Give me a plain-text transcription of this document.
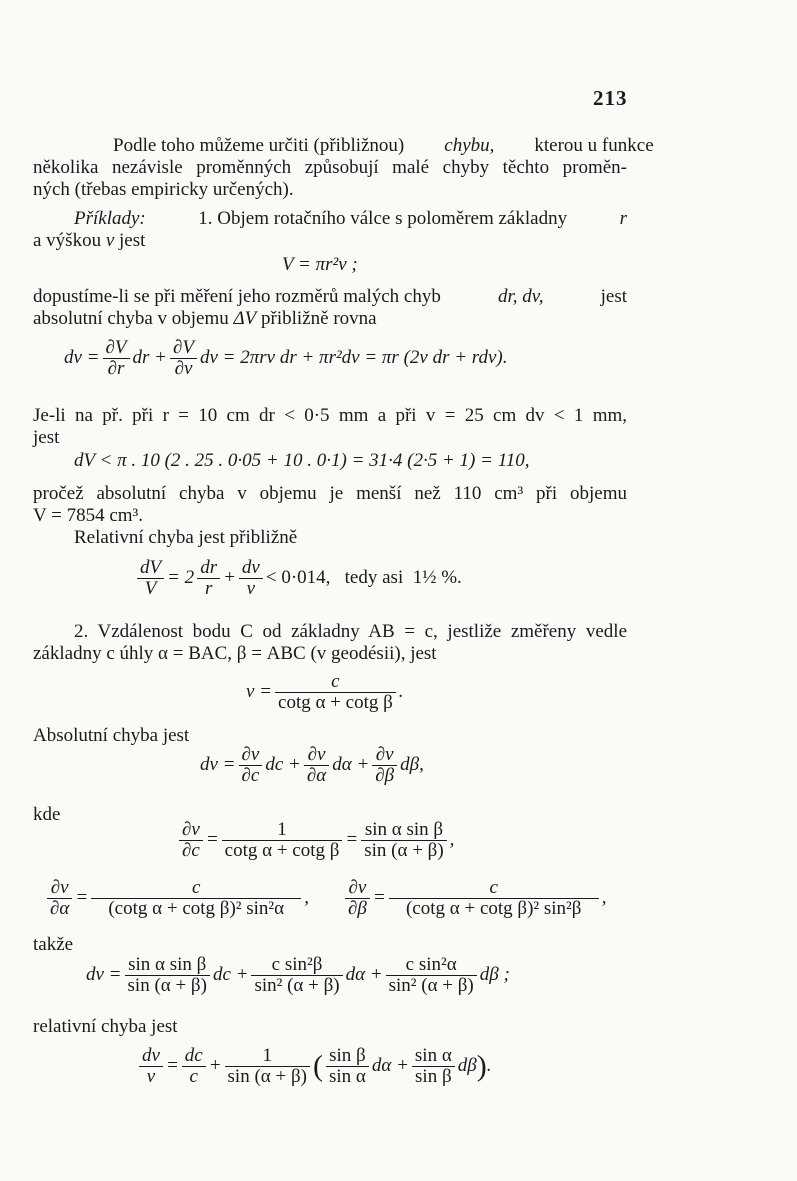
213
Podle toho můžeme určiti (přibližnou)	chybu,	kterou u funkce
několika nezávisle proměnných způsobují malé chyby těchto proměn-
ných (třebas empiricky určených).
Příklady:	1. Objem rotačního válce s poloměrem základny	r
a výškou v jest
V = πr²v ;
dopustíme-li se při měření jeho rozměrů malých chyb	dr, dv,	jest
absolutní chyba v objemu ΔV přibližně rovna
dv = $\frac{\partial V}{\partial r}$ dr + $\frac{\partial V}{\partial v}$ dv = 2πrv dr + πr²dv = πr (2v dr + rdv).
Je-li na př. při r = 10 cm dr < 0·5 mm a při v = 25 cm dv < 1 mm,
jest
dV < π . 10 (2 . 25 . 0·05 + 10 . 0·1) = 31·4 (2·5 + 1) = 110,
pročež absolutní chyba v objemu je menší než 110 cm³ při objemu
V = 7854 cm³.
Relativní chyba jest přibližně
$\frac{dV}{V} = 2 \frac{dr}{r} + \frac{dv}{v} < 0\cdot 014$, tedy asi 1½ %.
2. Vzdálenost bodu C od základny AB = c, jestliže změřeny vedle
základny c úhly α = BAC, β = ABC (v geodésii), jest
$v = \frac{c}{\text{cotg α + cotg β}}$ .
Absolutní chyba jest
dv = $\frac{\partial v}{\partial c}$ dc + $\frac{\partial v}{\partial\alpha}$ $d\alpha + \frac{\partial v}{\partial\beta} d\beta$,
kde
$\frac{\partial v}{\partial c} = \frac{1}{\text{cotg α + cotg β}} = \frac{\text{sin α sin β}}{\sin (\alpha + \beta)}$ ,
$\frac{\partial v}{\partial\alpha} = \frac{c}{\text{(cotg α + cotg β)² sin²α}}$ , $\frac{\partial v}{\partial\beta} = \frac{c}{\text{(cotg α + cotg β)² sin²β}}$ ,
takže
dv = $\frac{\text{sin α sin β}}{\sin (\alpha + \beta)}$ dc + $\frac{\text{c sin²β}}{\text{sin² (α + β)}}$ $d\alpha + \frac{\text{c sin²α}}{\text{sin² (α + β)}}$ dβ ;
relativní chyba jest
$\frac{dv}{v} = \frac{dc}{c} + \frac{1}{\sin (\alpha + \beta)}$ ( $\frac{\text{sin β}}{\text{sin α}}$ $d\alpha + \frac{\text{sin α}}{\text{sin β}} d\beta$).
